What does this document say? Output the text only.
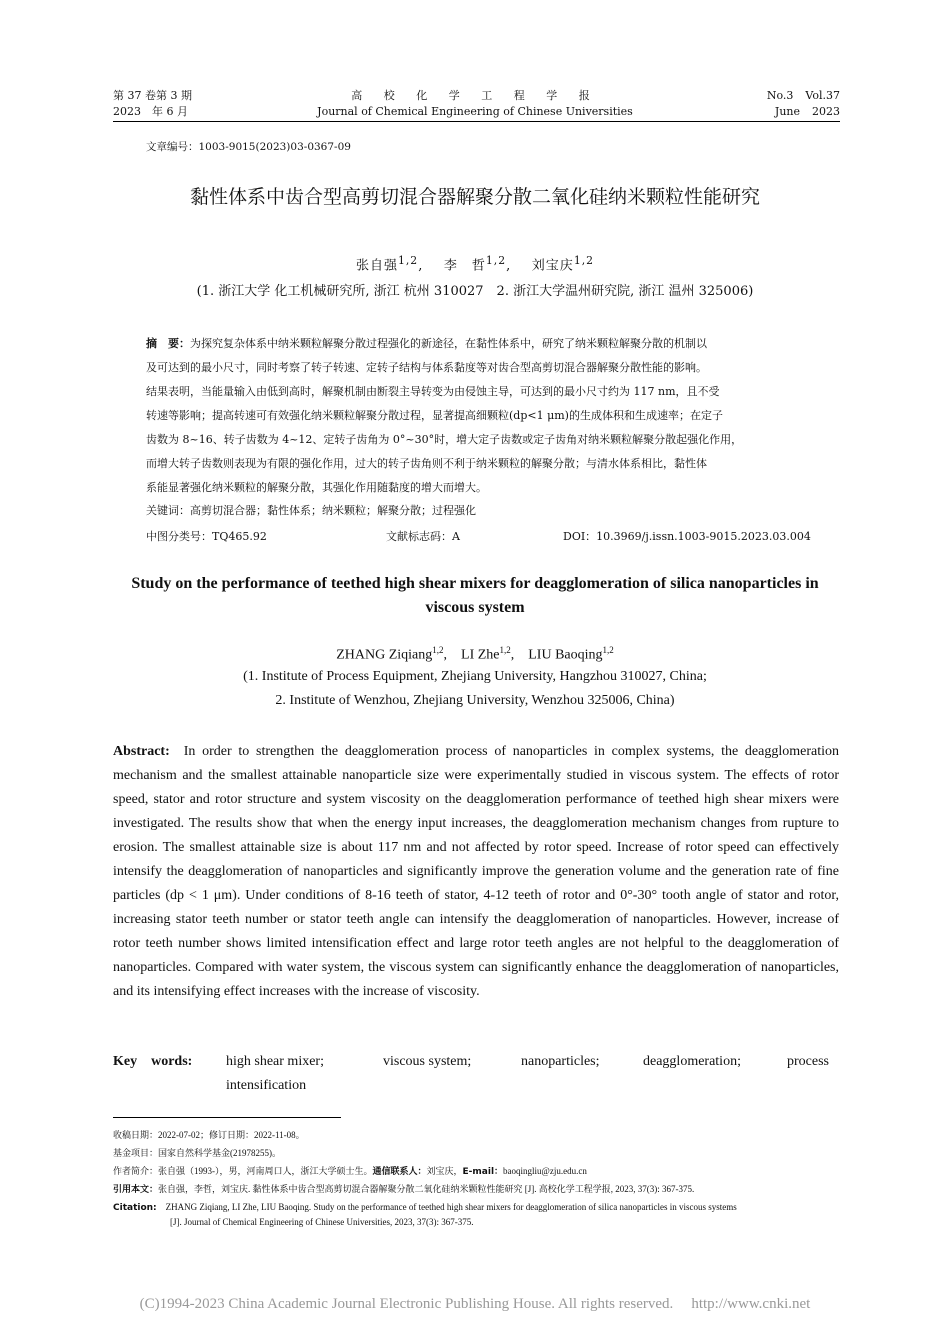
第 37 卷第 3 期
2023　年 6 月
高 校 化 学 工 程 学 报
Journal of Chemical Engineering of Chinese Universities
No.3 Vol.37
June 2023
文章编号：1003-9015(2023)03-0367-09
黏性体系中齿合型高剪切混合器解聚分散二氧化硅纳米颗粒性能研究
张自强$^{1,2}$,    李　哲$^{1,2}$,    刘宝庆$^{1,2}$
(1. 浙江大学 化工机械研究所, 浙江 杭州 310027　2. 浙江大学温州研究院, 浙江 温州 325006)
摘　要：为探究复杂体系中纳米颗粒解聚分散过程强化的新途径，在黏性体系中，研究了纳米颗粒解聚分散的机制以
及可达到的最小尺寸，同时考察了转子转速、定转子结构与体系黏度等对齿合型高剪切混合器解聚分散性能的影响。
结果表明，当能量输入由低到高时，解聚机制由断裂主导转变为由侵蚀主导，可达到的最小尺寸约为 117 nm，且不受
转速等影响；提高转速可有效强化纳米颗粒解聚分散过程，显著提高细颗粒(dp<1 μm)的生成体积和生成速率；在定子
齿数为 8~16、转子齿数为 4~12、定转子齿角为 0°~30°时，增大定子齿数或定子齿角对纳米颗粒解聚分散起强化作用，
而增大转子齿数则表现为有限的强化作用，过大的转子齿角则不利于纳米颗粒的解聚分散；与清水体系相比，黏性体
系能显著强化纳米颗粒的解聚分散，其强化作用随黏度的增大而增大。
关键词：高剪切混合器；黏性体系；纳米颗粒；解聚分散；过程强化
中图分类号：TQ465.92	文献标志码：A	DOI：10.3969/j.issn.1003-9015.2023.03.004
Study on the performance of teethed high shear mixers for deagglomeration of silica nanoparticles in viscous system
ZHANG Ziqiang$^{1,2}$,    LI Zhe$^{1,2}$,    LIU Baoqing$^{1,2}$
(1. Institute of Process Equipment, Zhejiang University, Hangzhou 310027, China;
2. Institute of Wenzhou, Zhejiang University, Wenzhou 325006, China)
Abstract: In order to strengthen the deagglomeration process of nanoparticles in complex systems, the deagglomeration mechanism and the smallest attainable nanoparticle size were experimentally studied in viscous system. The effects of rotor speed, stator and rotor structure and system viscosity on the deagglomeration performance of teethed high shear mixers were investigated. The results show that when the energy input increases, the deagglomeration mechanism changes from rupture to erosion. The smallest attainable size is about 117 nm and not affected by rotor speed. Increase of rotor speed can effectively intensify the deagglomeration of nanoparticles and significantly improve the generation volume and the generation rate of fine particles (dp < 1 μm). Under conditions of 8-16 teeth of stator, 4-12 teeth of rotor and 0°-30° tooth angle of stator and rotor, increasing stator teeth number or stator teeth angle can intensify the deagglomeration of nanoparticles. However, increase of rotor teeth number shows limited intensification effect and large rotor teeth angles are not helpful to the deagglomeration of nanoparticles. Compared with water system, the viscous system can significantly enhance the deagglomeration of nanoparticles, and its intensifying effect increases with the increase of viscosity.
Key　words: high shear mixer;	viscous system;	nanoparticles;	deagglomeration;	process
intensification
收稿日期：2022-07-02；修订日期：2022-11-08。
基金项目：国家自然科学基金(21978255)。
作者简介：张自强（1993-），男，河南周口人，浙江大学硕士生。通信联系人：刘宝庆，E-mail：baoqingliu@zju.edu.cn
引用本文：张自强，李哲，刘宝庆. 黏性体系中齿合型高剪切混合器解聚分散二氧化硅纳米颗粒性能研究 [J]. 高校化学工程学报, 2023, 37(3): 367-375.
Citation: ZHANG Ziqiang, LI Zhe, LIU Baoqing. Study on the performance of teethed high shear mixers for deagglomeration of silica nanoparticles in viscous systems
[J]. Journal of Chemical Engineering of Chinese Universities, 2023, 37(3): 367-375.
(C)1994-2023 China Academic Journal Electronic Publishing House. All rights reserved. http://www.cnki.net
